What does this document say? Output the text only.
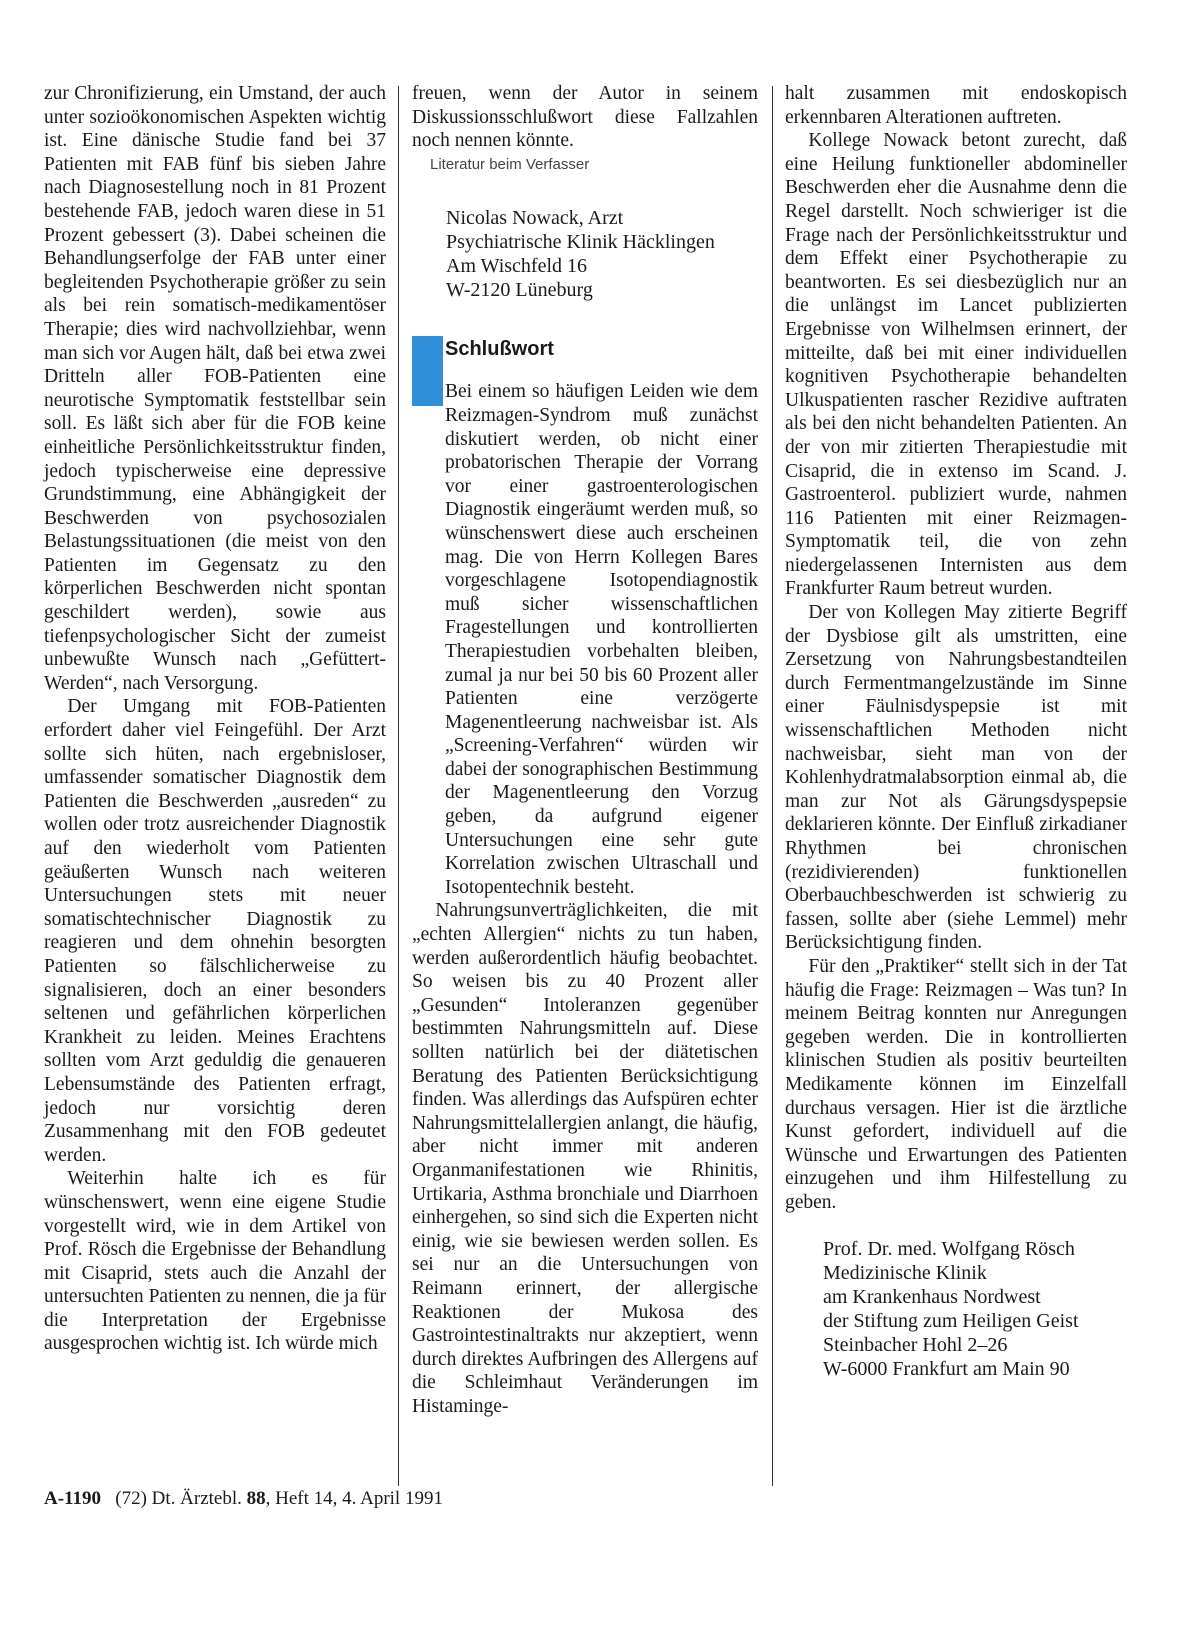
zur Chronifizierung, ein Umstand, der auch unter sozioökonomischen Aspekten wichtig ist. Eine dänische Studie fand bei 37 Patienten mit FAB fünf bis sieben Jahre nach Diagnosestellung noch in 81 Prozent bestehende FAB, jedoch waren diese in 51 Prozent gebessert (3). Dabei scheinen die Behandlungserfolge der FAB unter einer begleitenden Psychotherapie größer zu sein als bei rein somatisch-medikamentöser Therapie; dies wird nachvollziehbar, wenn man sich vor Augen hält, daß bei etwa zwei Dritteln aller FOB-Patienten eine neurotische Symptomatik feststellbar sein soll. Es läßt sich aber für die FOB keine einheitliche Persönlichkeitsstruktur finden, jedoch typischerweise eine depressive Grundstimmung, eine Abhängigkeit der Beschwerden von psychosozialen Belastungssituationen (die meist von den Patienten im Gegensatz zu den körperlichen Beschwerden nicht spontan geschildert werden), sowie aus tiefenpsychologischer Sicht der zumeist unbewußte Wunsch nach „Gefüttert-Werden“, nach Versorgung.

Der Umgang mit FOB-Patienten erfordert daher viel Feingefühl. Der Arzt sollte sich hüten, nach ergebnisloser, umfassender somatischer Diagnostik dem Patienten die Beschwerden „ausreden“ zu wollen oder trotz ausreichender Diagnostik auf den wiederholt vom Patienten geäußerten Wunsch nach weiteren Untersuchungen stets mit neuer somatischtechnischer Diagnostik zu reagieren und dem ohnehin besorgten Patienten so fälschlicherweise zu signalisieren, doch an einer besonders seltenen und gefährlichen körperlichen Krankheit zu leiden. Meines Erachtens sollten vom Arzt geduldig die genaueren Lebensumstände des Patienten erfragt, jedoch nur vorsichtig deren Zusammenhang mit den FOB gedeutet werden.

Weiterhin halte ich es für wünschenswert, wenn eine eigene Studie vorgestellt wird, wie in dem Artikel von Prof. Rösch die Ergebnisse der Behandlung mit Cisaprid, stets auch die Anzahl der untersuchten Patienten zu nennen, die ja für die Interpretation der Ergebnisse ausgesprochen wichtig ist. Ich würde mich

freuen, wenn der Autor in seinem Diskussionsschlußwort diese Fallzahlen noch nennen könnte.

Literatur beim Verfasser

Nicolas Nowack, Arzt
Psychiatrische Klinik Häcklingen
Am Wischfeld 16
W-2120 Lüneburg
Schlußwort

Bei einem so häufigen Leiden wie dem Reizmagen-Syndrom muß zunächst diskutiert werden, ob nicht einer probatorischen Therapie der Vorrang vor einer gastroenterologischen Diagnostik eingeräumt werden muß, so wünschenswert diese auch erscheinen mag. Die von Herrn Kollegen Bares vorgeschlagene Isotopendiagnostik muß sicher wissenschaftlichen Fragestellungen und kontrollierten Therapiestudien vorbehalten bleiben, zumal ja nur bei 50 bis 60 Prozent aller Patienten eine verzögerte Magenentleerung nachweisbar ist. Als „Screening-Verfahren“ würden wir dabei der sonographischen Bestimmung der Magenentleerung den Vorzug geben, da aufgrund eigener Untersuchungen eine sehr gute Korrelation zwischen Ultraschall und Isotopentechnik besteht.

Nahrungsunverträglichkeiten, die mit „echten Allergien“ nichts zu tun haben, werden außerordentlich häufig beobachtet. So weisen bis zu 40 Prozent aller „Gesunden“ Intoleranzen gegenüber bestimmten Nahrungsmitteln auf. Diese sollten natürlich bei der diätetischen Beratung des Patienten Berücksichtigung finden. Was allerdings das Aufspüren echter Nahrungsmittelallergien anlangt, die häufig, aber nicht immer mit anderen Organmanifestationen wie Rhinitis, Urtikaria, Asthma bronchiale und Diarrhoen einhergehen, so sind sich die Experten nicht einig, wie sie bewiesen werden sollen. Es sei nur an die Untersuchungen von Reimann erinnert, der allergische Reaktionen der Mukosa des Gastrointestinaltrakts nur akzeptiert, wenn durch direktes Aufbringen des Allergens auf die Schleimhaut Veränderungen im Histaminge-

halt zusammen mit endoskopisch erkennbaren Alterationen auftreten.

Kollege Nowack betont zurecht, daß eine Heilung funktioneller abdomineller Beschwerden eher die Ausnahme denn die Regel darstellt. Noch schwieriger ist die Frage nach der Persönlichkeitsstruktur und dem Effekt einer Psychotherapie zu beantworten. Es sei diesbezüglich nur an die unlängst im Lancet publizierten Ergebnisse von Wilhelmsen erinnert, der mitteilte, daß bei mit einer individuellen kognitiven Psychotherapie behandelten Ulkuspatienten rascher Rezidive auftraten als bei den nicht behandelten Patienten. An der von mir zitierten Therapiestudie mit Cisaprid, die in extenso im Scand. J. Gastroenterol. publiziert wurde, nahmen 116 Patienten mit einer Reizmagen-Symptomatik teil, die von zehn niedergelassenen Internisten aus dem Frankfurter Raum betreut wurden.

Der von Kollegen May zitierte Begriff der Dysbiose gilt als umstritten, eine Zersetzung von Nahrungsbestandteilen durch Fermentmangelzustände im Sinne einer Fäulnisdyspepsie ist mit wissenschaftlichen Methoden nicht nachweisbar, sieht man von der Kohlenhydratmalabsorption einmal ab, die man zur Not als Gärungsdyspepsie deklarieren könnte. Der Einfluß zirkadianer Rhythmen bei chronischen (rezidivierenden) funktionellen Oberbauchbeschwerden ist schwierig zu fassen, sollte aber (siehe Lemmel) mehr Berücksichtigung finden.

Für den „Praktiker“ stellt sich in der Tat häufig die Frage: Reizmagen – Was tun? In meinem Beitrag konnten nur Anregungen gegeben werden. Die in kontrollierten klinischen Studien als positiv beurteilten Medikamente können im Einzelfall durchaus versagen. Hier ist die ärztliche Kunst gefordert, individuell auf die Wünsche und Erwartungen des Patienten einzugehen und ihm Hilfestellung zu geben.

Prof. Dr. med. Wolfgang Rösch
Medizinische Klinik
am Krankenhaus Nordwest
der Stiftung zum Heiligen Geist
Steinbacher Hohl 2–26
W-6000 Frankfurt am Main 90
A-1190 (72) Dt. Ärztebl. 88, Heft 14, 4. April 1991
